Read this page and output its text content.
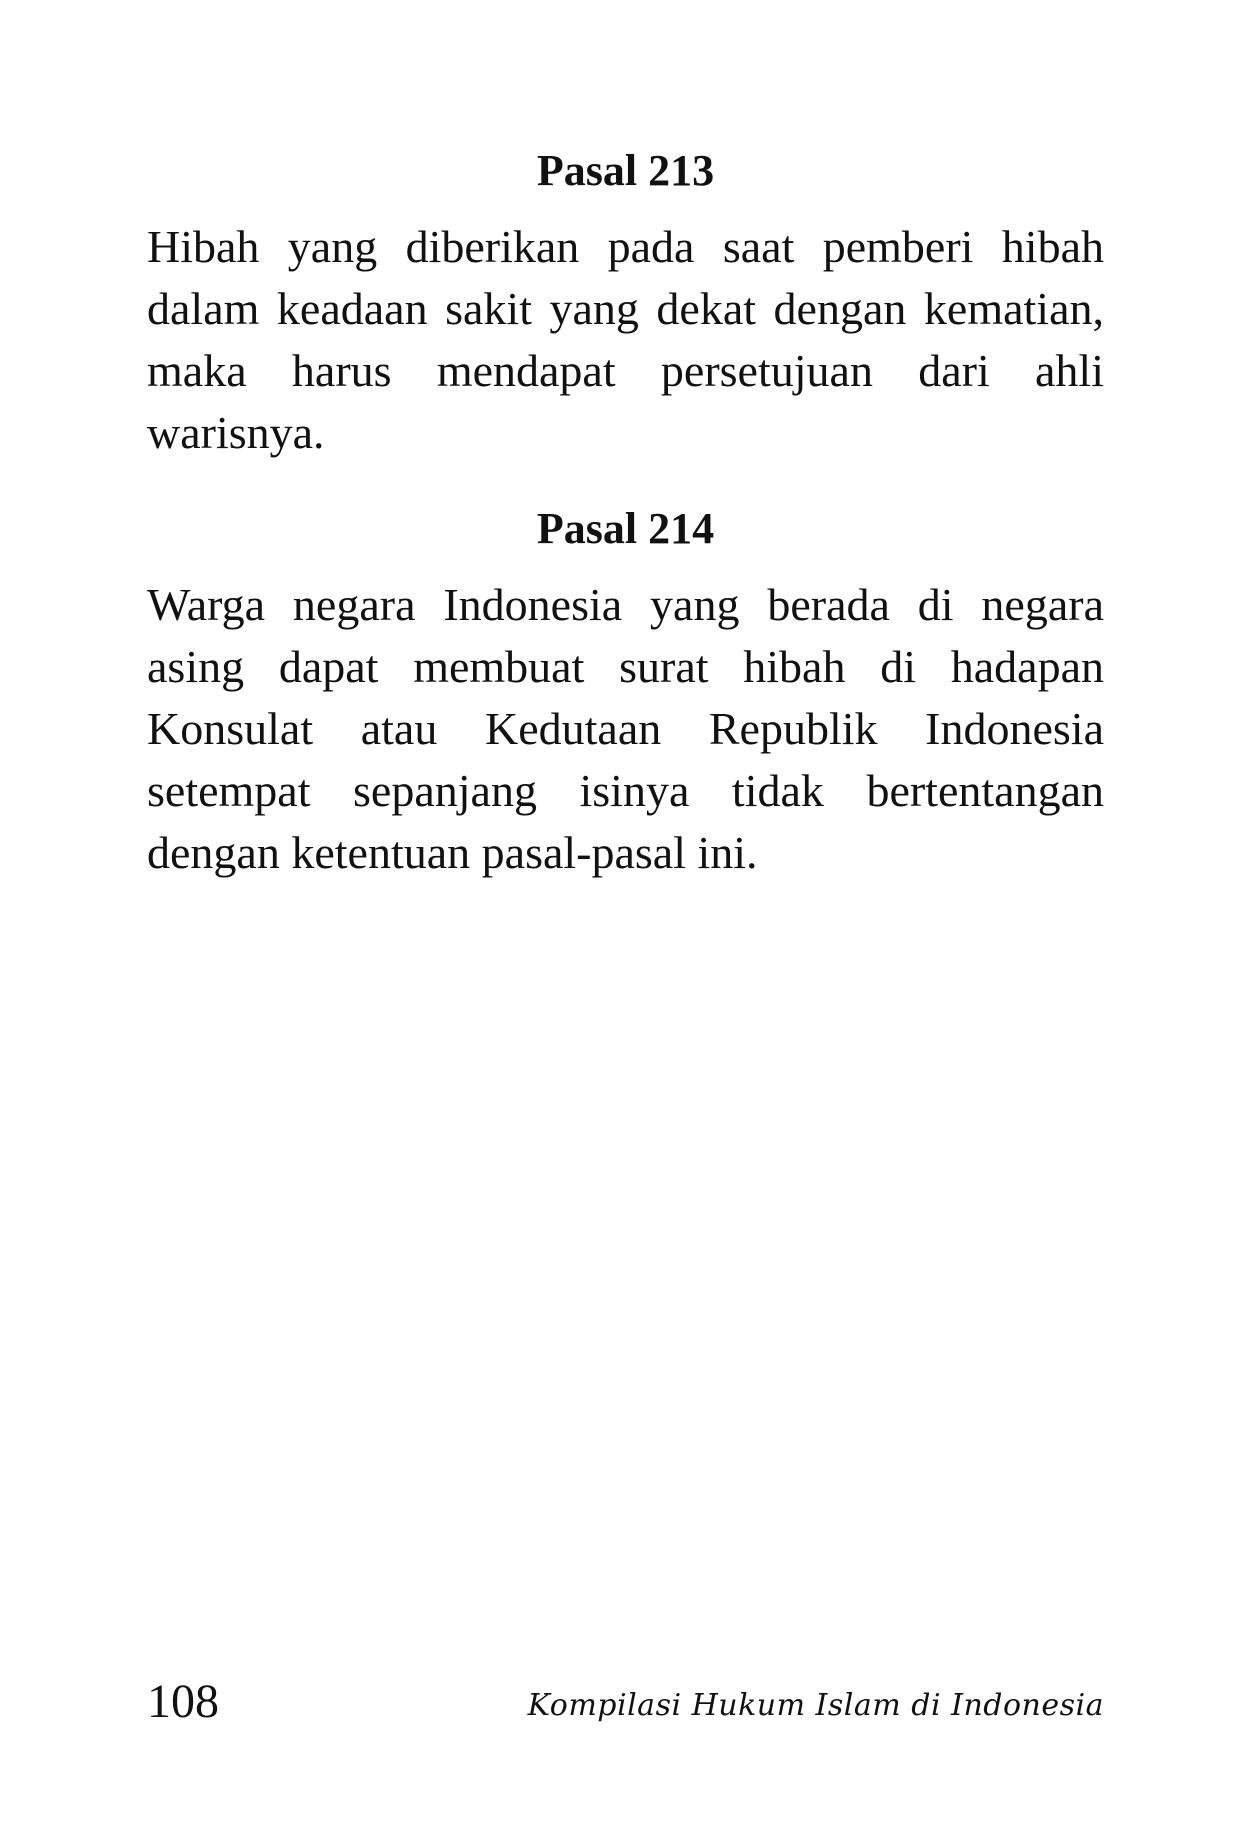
Pasal 213

Hibah yang diberikan pada saat pemberi hibah dalam keadaan sakit yang dekat dengan kematian, maka harus mendapat persetujuan dari ahli warisnya.

Pasal 214

Warga negara Indonesia yang berada di negara asing dapat membuat surat hibah di hadapan Konsulat atau Kedutaan Republik Indonesia setempat sepanjang isinya tidak bertentangan dengan ketentuan pasal-pasal ini.

108	Kompilasi Hukum Islam di Indonesia
